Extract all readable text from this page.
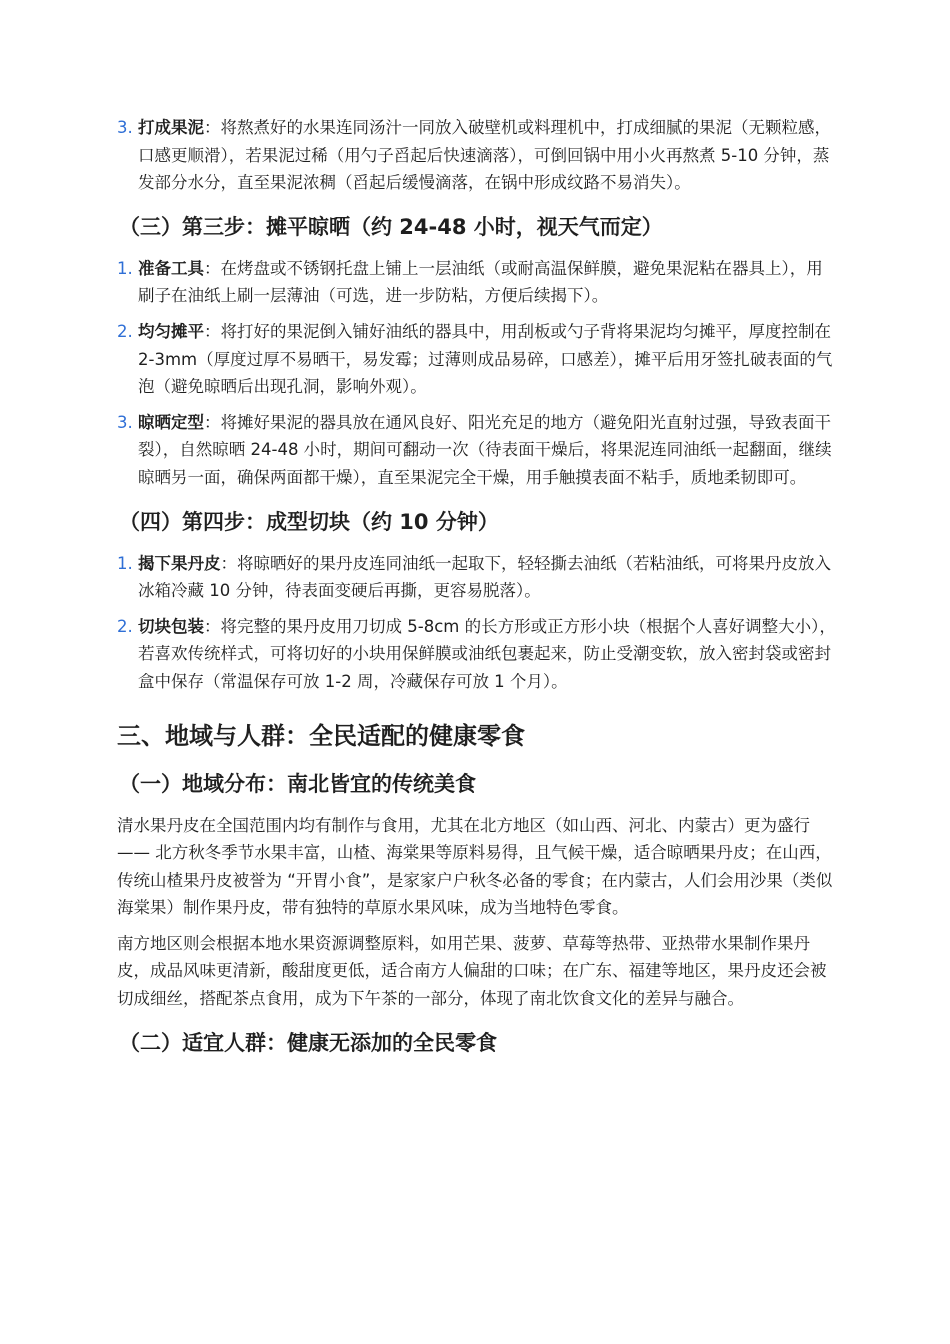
3. 打成果泥：将熬煮好的水果连同汤汁一同放入破壁机或料理机中，打成细腻的果泥（无颗粒感，口感更顺滑），若果泥过稀（用勺子舀起后快速滴落），可倒回锅中用小火再熬煮 5-10 分钟，蒸发部分水分，直至果泥浓稠（舀起后缓慢滴落，在锅中形成纹路不易消失）。
（三）第三步：摊平晾晒（约 24-48 小时，视天气而定）
1. 准备工具：在烤盘或不锈钢托盘上铺上一层油纸（或耐高温保鲜膜，避免果泥粘在器具上），用刷子在油纸上刷一层薄油（可选，进一步防粘，方便后续揭下）。
2. 均匀摊平：将打好的果泥倒入铺好油纸的器具中，用刮板或勺子背将果泥均匀摊平，厚度控制在 2-3mm（厚度过厚不易晒干，易发霉；过薄则成品易碎，口感差），摊平后用牙签扎破表面的气泡（避免晾晒后出现孔洞，影响外观）。
3. 晾晒定型：将摊好果泥的器具放在通风良好、阳光充足的地方（避免阳光直射过强，导致表面干裂），自然晾晒 24-48 小时，期间可翻动一次（待表面干燥后，将果泥连同油纸一起翻面，继续晾晒另一面，确保两面都干燥），直至果泥完全干燥，用手触摸表面不粘手，质地柔韧即可。
（四）第四步：成型切块（约 10 分钟）
1. 揭下果丹皮：将晾晒好的果丹皮连同油纸一起取下，轻轻撕去油纸（若粘油纸，可将果丹皮放入冰箱冷藏 10 分钟，待表面变硬后再撕，更容易脱落）。
2. 切块包装：将完整的果丹皮用刀切成 5-8cm 的长方形或正方形小块（根据个人喜好调整大小），若喜欢传统样式，可将切好的小块用保鲜膜或油纸包裹起来，防止受潮变软，放入密封袋或密封盒中保存（常温保存可放 1-2 周，冷藏保存可放 1 个月）。
三、地域与人群：全民适配的健康零食
（一）地域分布：南北皆宜的传统美食

清水果丹皮在全国范围内均有制作与食用，尤其在北方地区（如山西、河北、内蒙古）更为盛行 —— 北方秋冬季节水果丰富，山楂、海棠果等原料易得，且气候干燥，适合晾晒果丹皮；在山西，传统山楂果丹皮被誉为 “开胃小食”，是家家户户秋冬必备的零食；在内蒙古，人们会用沙果（类似海棠果）制作果丹皮，带有独特的草原水果风味，成为当地特色零食。

南方地区则会根据本地水果资源调整原料，如用芒果、菠萝、草莓等热带、亚热带水果制作果丹皮，成品风味更清新，酸甜度更低，适合南方人偏甜的口味；在广东、福建等地区，果丹皮还会被切成细丝，搭配茶点食用，成为下午茶的一部分，体现了南北饮食文化的差异与融合。

（二）适宜人群：健康无添加的全民零食
